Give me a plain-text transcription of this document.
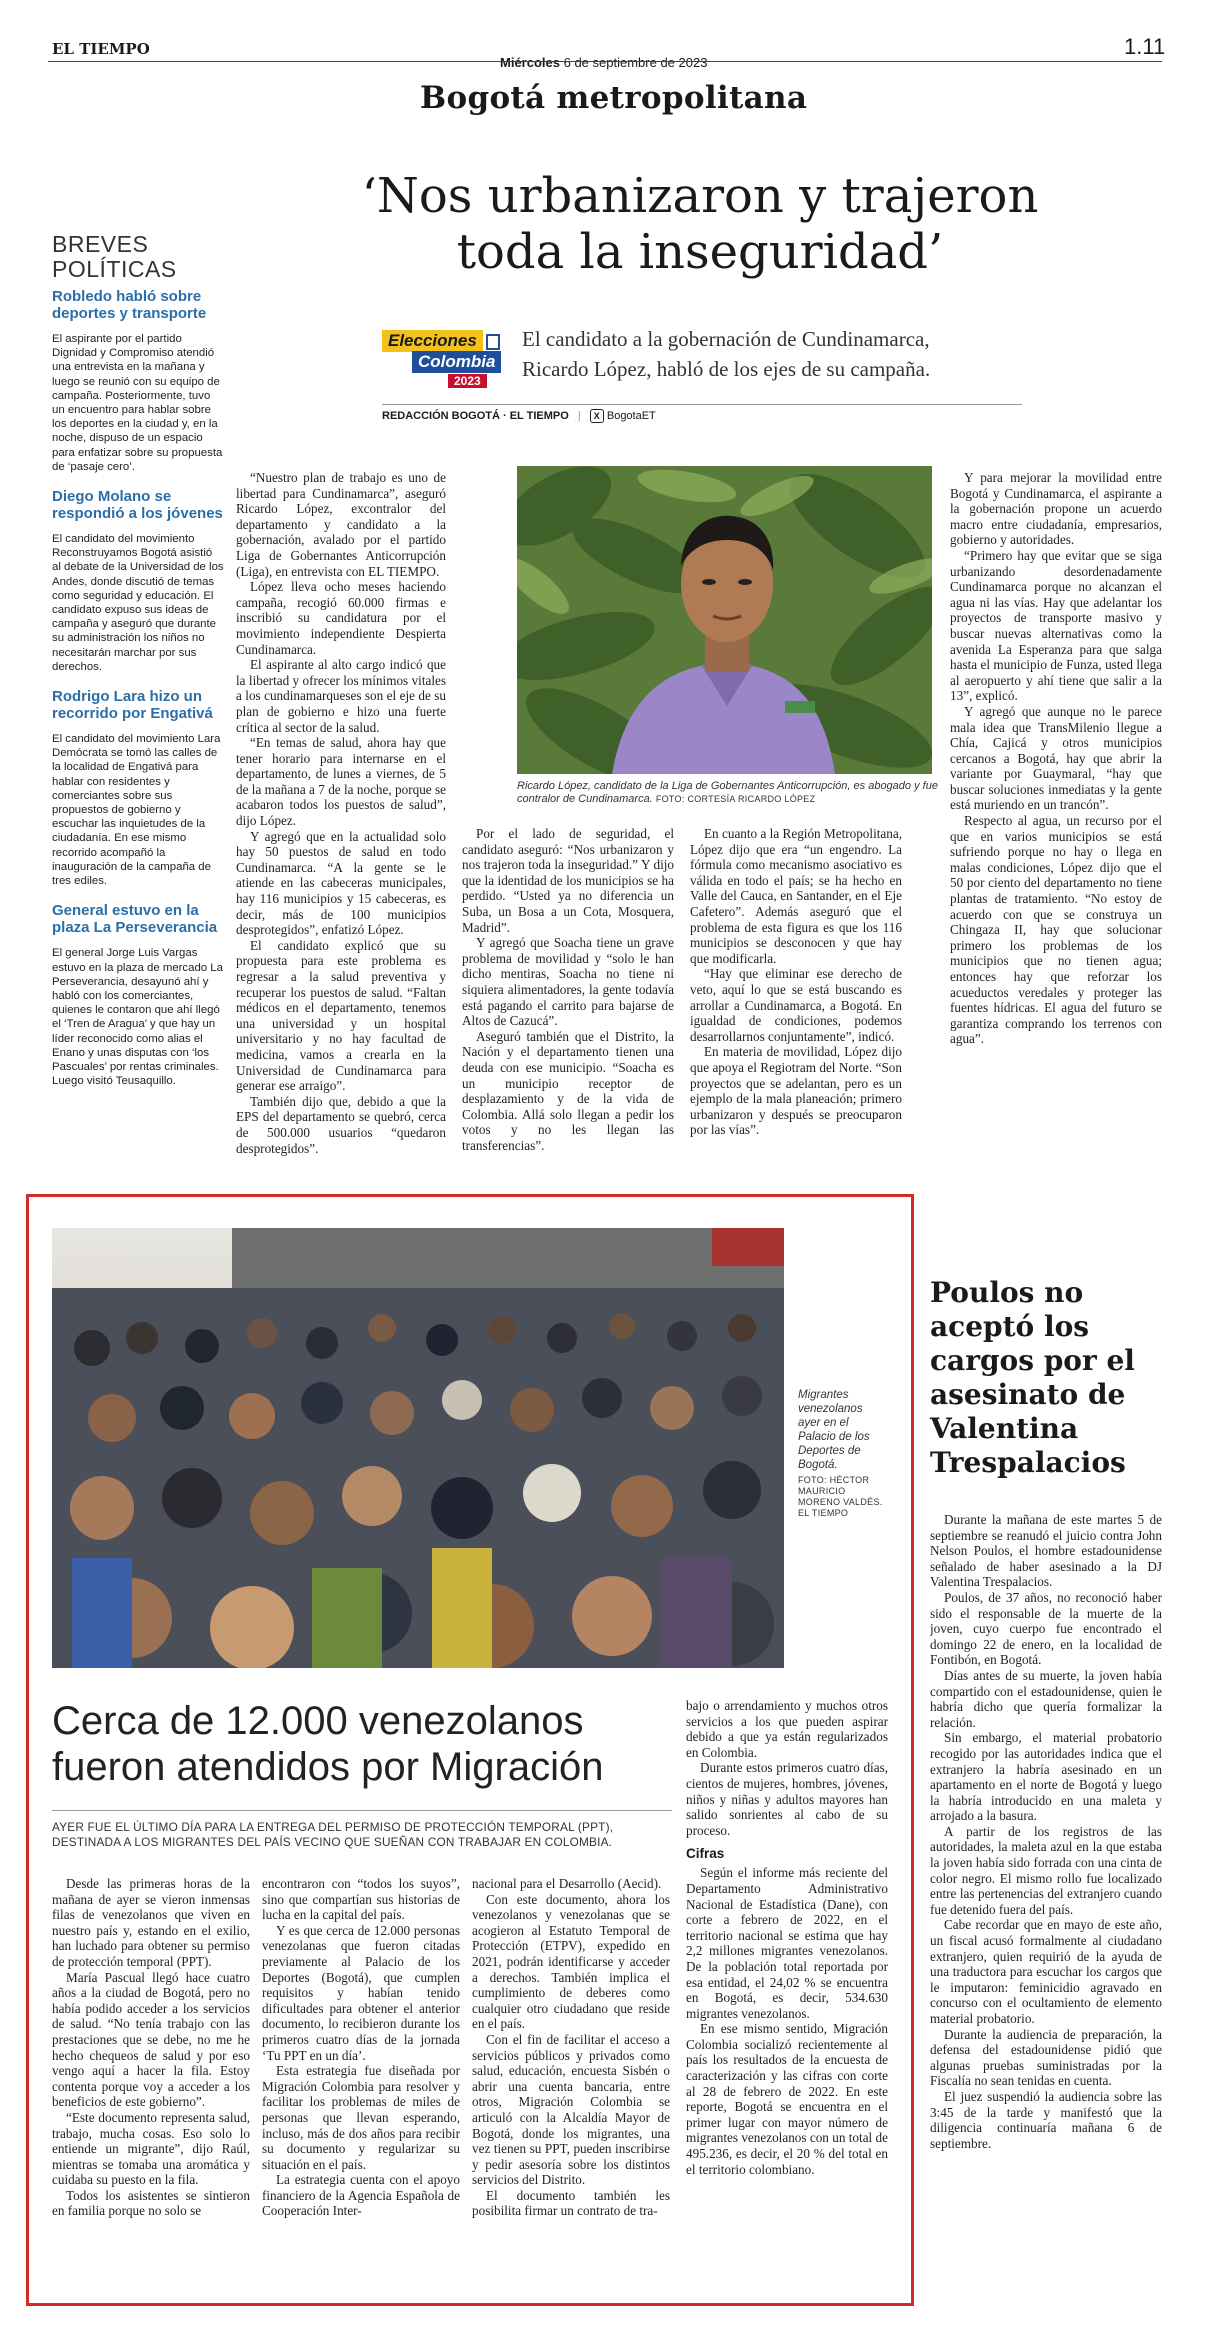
EL TIEMPO
Miércoles 6 de septiembre de 2023
1.11
Bogotá metropolitana
‘Nos urbanizaron y trajeron
toda la inseguridad’
Elecciones
Colombia
2023
El candidato a la gobernación de Cundinamarca,
Ricardo López, habló de los ejes de su campaña.
REDACCIÓN BOGOTÁ · EL TIEMPO | X BogotaET
BREVES
POLÍTICAS
Robledo habló sobre deportes y transporte
El aspirante por el partido Dignidad y Compromiso atendió una entrevista en la mañana y luego se reunió con su equipo de campaña. Posteriormente, tuvo un encuentro para hablar sobre los deportes en la ciudad y, en la noche, dispuso de un espacio para enfatizar sobre su propuesta de ‘pasaje cero’.
Diego Molano se respondió a los jóvenes
El candidato del movimiento Reconstruyamos Bogotá asistió al debate de la Universidad de los Andes, donde discutió de temas como seguridad y educación. El candidato expuso sus ideas de campaña y aseguró que durante su administración los niños no necesitarán marchar por sus derechos.
Rodrigo Lara hizo un recorrido por Engativá
El candidato del movimiento Lara Demócrata se tomó las calles de la localidad de Engativá para hablar con residentes y comerciantes sobre sus propuestos de gobierno y escuchar las inquietudes de la ciudadanía. En ese mismo recorrido acompañó la inauguración de la campaña de tres ediles.
General estuvo en la plaza La Perseverancia
El general Jorge Luis Vargas estuvo en la plaza de mercado La Perseverancia, desayunó ahí y habló con los comerciantes, quienes le contaron que ahí llegó el ‘Tren de Aragua’ y que hay un líder reconocido como alias el Enano y unas disputas con ‘los Pascuales’ por rentas criminales. Luego visitó Teusaquillo.

“Nuestro plan de trabajo es uno de libertad para Cundinamarca”, aseguró Ricardo López, excontralor del departamento y candidato a la gobernación, avalado por el partido Liga de Gobernantes Anticorrupción (Liga), en entrevista con EL TIEMPO.

López lleva ocho meses haciendo campaña, recogió 60.000 firmas e inscribió su candidatura por el movimiento independiente Despierta Cundinamarca.

El aspirante al alto cargo indicó que la libertad y ofrecer los mínimos vitales a los cundinamarqueses son el eje de su plan de gobierno e hizo una fuerte crítica al sector de la salud.

“En temas de salud, ahora hay que tener horario para internarse en el departamento, de lunes a viernes, de 5 de la mañana a 7 de la noche, porque se acabaron todos los puestos de salud”, dijo López.

Y agregó que en la actualidad solo hay 50 puestos de salud en todo Cundinamarca. “A la gente se le atiende en las cabeceras municipales, hay 116 municipios y 15 cabeceras, es decir, más de 100 municipios desprotegidos”, enfatizó López.

El candidato explicó que su propuesta para este problema es regresar a la salud preventiva y recuperar los puestos de salud. “Faltan médicos en el departamento, tenemos una universidad y un hospital universitario y no hay facultad de medicina, vamos a crearla en la Universidad de Cundinamarca para generar ese arraigo”.

También dijo que, debido a que la EPS del departamento se quebró, cerca de 500.000 usuarios “quedaron desprotegidos”.

Ricardo López, candidato de la Liga de Gobernantes Anticorrupción, es abogado y fue contralor de Cundinamarca. FOTO: CORTESÍA RICARDO LÓPEZ

Por el lado de seguridad, el candidato aseguró: “Nos urbanizaron y nos trajeron toda la inseguridad.” Y dijo que la identidad de los municipios se ha perdido. “Usted ya no diferencia un Suba, un Bosa a un Cota, Mosquera, Madrid”.

Y agregó que Soacha tiene un grave problema de movilidad y “solo le han dicho mentiras, Soacha no tiene ni siquiera alimentadores, la gente todavía está pagando el carrito para bajarse de Altos de Cazucá”.

Aseguró también que el Distrito, la Nación y el departamento tienen una deuda con ese municipio. “Soacha es un municipio receptor de desplazamiento y de la vida de Colombia. Allá solo llegan a pedir los votos y no les llegan las transferencias”.

En cuanto a la Región Metropolitana, López dijo que era “un engendro. La fórmula como mecanismo asociativo es válida en todo el país; se ha hecho en Valle del Cauca, en Santander, en el Eje Cafetero”. Además aseguró que el problema de esta figura es que los 116 municipios se desconocen y que hay que modificarla.

“Hay que eliminar ese derecho de veto, aquí lo que se está buscando es arrollar a Cundinamarca, a Bogotá. En igualdad de condiciones, podemos desarrollarnos conjuntamente”, indicó.

En materia de movilidad, López dijo que apoya el Regiotram del Norte. “Son proyectos que se adelantan, pero es un ejemplo de la mala planeación; primero urbanizaron y después se preocuparon por las vías”.

Y para mejorar la movilidad entre Bogotá y Cundinamarca, el aspirante a la gobernación propone un acuerdo macro entre ciudadanía, empresarios, gobierno y autoridades.

“Primero hay que evitar que se siga urbanizando desordenadamente Cundinamarca porque no alcanzan el agua ni las vías. Hay que adelantar los proyectos de transporte masivo y buscar nuevas alternativas como la avenida La Esperanza para que salga hasta el municipio de Funza, usted llega al aeropuerto y ahí tiene que salir a la 13”, explicó.

Y agregó que aunque no le parece mala idea que TransMilenio llegue a Chía, Cajicá y otros municipios cercanos a Bogotá, hay que abrir la variante por Guaymaral, “hay que buscar soluciones inmediatas y la gente está muriendo en un trancón”.

Respecto al agua, un recurso por el que en varios municipios se está sufriendo porque no hay o llega en malas condiciones, López dijo que el 50 por ciento del departamento no tiene plantas de tratamiento. “No estoy de acuerdo con que se construya un Chingaza II, hay que solucionar primero los problemas de los municipios que no tienen agua; entonces hay que reforzar los acueductos veredales y proteger las fuentes hídricas. El agua del futuro se garantiza comprando los terrenos con agua”.

Migrantes venezolanos ayer en el Palacio de los Deportes de Bogotá.
FOTO: HÉCTOR MAURICIO MORENO VALDÉS. EL TIEMPO
Cerca de 12.000 venezolanos
fueron atendidos por Migración
AYER FUE EL ÚLTIMO DÍA PARA LA ENTREGA DEL PERMISO DE PROTECCIÓN TEMPORAL (PPT),
DESTINADA A LOS MIGRANTES DEL PAÍS VECINO QUE SUEÑAN CON TRABAJAR EN COLOMBIA.

Desde las primeras horas de la mañana de ayer se vieron inmensas filas de venezolanos que viven en nuestro país y, estando en el exilio, han luchado para obtener su permiso de protección temporal (PPT).

María Pascual llegó hace cuatro años a la ciudad de Bogotá, pero no había podido acceder a los servicios de salud. “No tenía trabajo con las prestaciones que se debe, no me he hecho chequeos de salud y por eso vengo aquí a hacer la fila. Estoy contenta porque voy a acceder a los beneficios de este gobierno”.

“Este documento representa salud, trabajo, mucha cosas. Eso solo lo entiende un migrante”, dijo Raúl, mientras se tomaba una aromática y cuidaba su puesto en la fila.

Todos los asistentes se sintieron en familia porque no solo se

encontraron con “todos los suyos”, sino que compartían sus historias de lucha en la capital del país.

Y es que cerca de 12.000 personas venezolanas que fueron citadas previamente al Palacio de los Deportes (Bogotá), que cumplen requisitos y habían tenido dificultades para obtener el anterior documento, lo recibieron durante los primeros cuatro días de la jornada ‘Tu PPT en un día’.

Esta estrategia fue diseñada por Migración Colombia para resolver y facilitar los problemas de miles de personas que llevan esperando, incluso, más de dos años para recibir su documento y regularizar su situación en el país.

La estrategia cuenta con el apoyo financiero de la Agencia Española de Cooperación Inter-

nacional para el Desarrollo (Aecid).

Con este documento, ahora los venezolanos y venezolanas que se acogieron al Estatuto Temporal de Protección (ETPV), expedido en 2021, podrán identificarse y acceder a derechos. También implica el cumplimiento de deberes como cualquier otro ciudadano que reside en el país.

Con el fin de facilitar el acceso a servicios públicos y privados como salud, educación, encuesta Sisbén o abrir una cuenta bancaria, entre otros, Migración Colombia se articuló con la Alcaldía Mayor de Bogotá, donde los migrantes, una vez tienen su PPT, pueden inscribirse y pedir asesoría sobre los distintos servicios del Distrito.

El documento también les posibilita firmar un contrato de tra-

bajo o arrendamiento y muchos otros servicios a los que pueden aspirar debido a que ya están regularizados en Colombia.

Durante estos primeros cuatro días, cientos de mujeres, hombres, jóvenes, niños y niñas y adultos mayores han salido sonrientes al cabo de su proceso.

Cifras

Según el informe más reciente del Departamento Administrativo Nacional de Estadística (Dane), con corte a febrero de 2022, en el territorio nacional se estima que hay 2,2 millones migrantes venezolanos. De la población total reportada por esa entidad, el 24,02 % se encuentra en Bogotá, es decir, 534.630 migrantes venezolanos.

En ese mismo sentido, Migración Colombia socializó recientemente al país los resultados de la encuesta de caracterización y las cifras con corte al 28 de febrero de 2022. En este reporte, Bogotá se encuentra en el primer lugar con mayor número de migrantes venezolanos con un total de 495.236, es decir, el 20 % del total en el territorio colombiano.

Poulos no aceptó los cargos por el asesinato de Valentina Trespalacios

Durante la mañana de este martes 5 de septiembre se reanudó el juicio contra John Nelson Poulos, el hombre estadounidense señalado de haber asesinado a la DJ Valentina Trespalacios.

Poulos, de 37 años, no reconoció haber sido el responsable de la muerte de la joven, cuyo cuerpo fue encontrado el domingo 22 de enero, en la localidad de Fontibón, en Bogotá.

Días antes de su muerte, la joven había compartido con el estadounidense, quien le habría dicho que quería formalizar la relación.

Sin embargo, el material probatorio recogido por las autoridades indica que el extranjero la habría asesinado en un apartamento en el norte de Bogotá y luego la habría introducido en una maleta y arrojado a la basura.

A partir de los registros de las autoridades, la maleta azul en la que estaba la joven había sido forrada con una cinta de color negro. El mismo rollo fue localizado entre las pertenencias del extranjero cuando fue detenido fuera del país.

Cabe recordar que en mayo de este año, un fiscal acusó formalmente al ciudadano extranjero, quien requirió de la ayuda de una traductora para escuchar los cargos que le imputaron: feminicidio agravado en concurso con el ocultamiento de elemento material probatorio.

Durante la audiencia de preparación, la defensa del estadounidense pidió que algunas pruebas suministradas por la Fiscalía no sean tenidas en cuenta.

El juez suspendió la audiencia sobre las 3:45 de la tarde y manifestó que la diligencia continuaría mañana 6 de septiembre.
